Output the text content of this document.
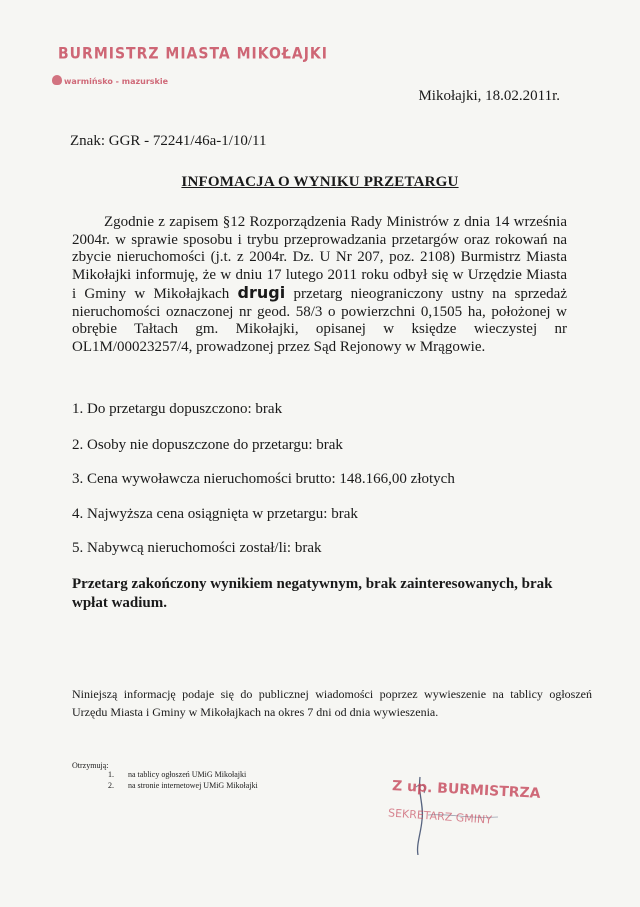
BURMISTRZ MIASTA MIKOŁAJKI
warmińsko - mazurskie
Mikołajki, 18.02.2011r.
Znak: GGR - 72241/46a-1/10/11
INFOMACJA O WYNIKU PRZETARGU

Zgodnie z zapisem §12 Rozporządzenia Rady Ministrów z dnia 14 września 2004r. w sprawie sposobu i trybu przeprowadzania przetargów oraz rokowań na zbycie nieruchomości (j.t. z 2004r. Dz. U Nr 207, poz. 2108) Burmistrz Miasta Mikołajki informuję, że w dniu 17 lutego 2011 roku odbył się w Urzędzie Miasta i Gminy w Mikołajkach drugi przetarg nieograniczony ustny na sprzedaż nieruchomości oznaczonej nr geod. 58/3 o powierzchni 0,1505 ha, położonej w obrębie Tałtach gm. Mikołajki, opisanej w księdze wieczystej nr OL1M/00023257/4, prowadzonej przez Sąd Rejonowy w Mrągowie.

1. Do przetargu dopuszczono: brak

2. Osoby nie dopuszczone do przetargu: brak

3. Cena wywoławcza nieruchomości brutto: 148.166,00 złotych

4. Najwyższa cena osiągnięta w przetargu: brak

5. Nabywcą nieruchomości został/li: brak

Przetarg zakończony wynikiem negatywnym, brak zainteresowanych, brak wpłat wadium.

Niniejszą informację podaje się do publicznej wiadomości poprzez wywieszenie na tablicy ogłoszeń Urzędu Miasta i Gminy w Mikołajkach na okres 7 dni od dnia wywieszenia.

Otrzymują:
1. na tablicy ogłoszeń UMiG Mikołajki
2. na stronie internetowej UMiG Mikołajki	Z up. BURMISTRZA
SEKRETARZ GMINY
